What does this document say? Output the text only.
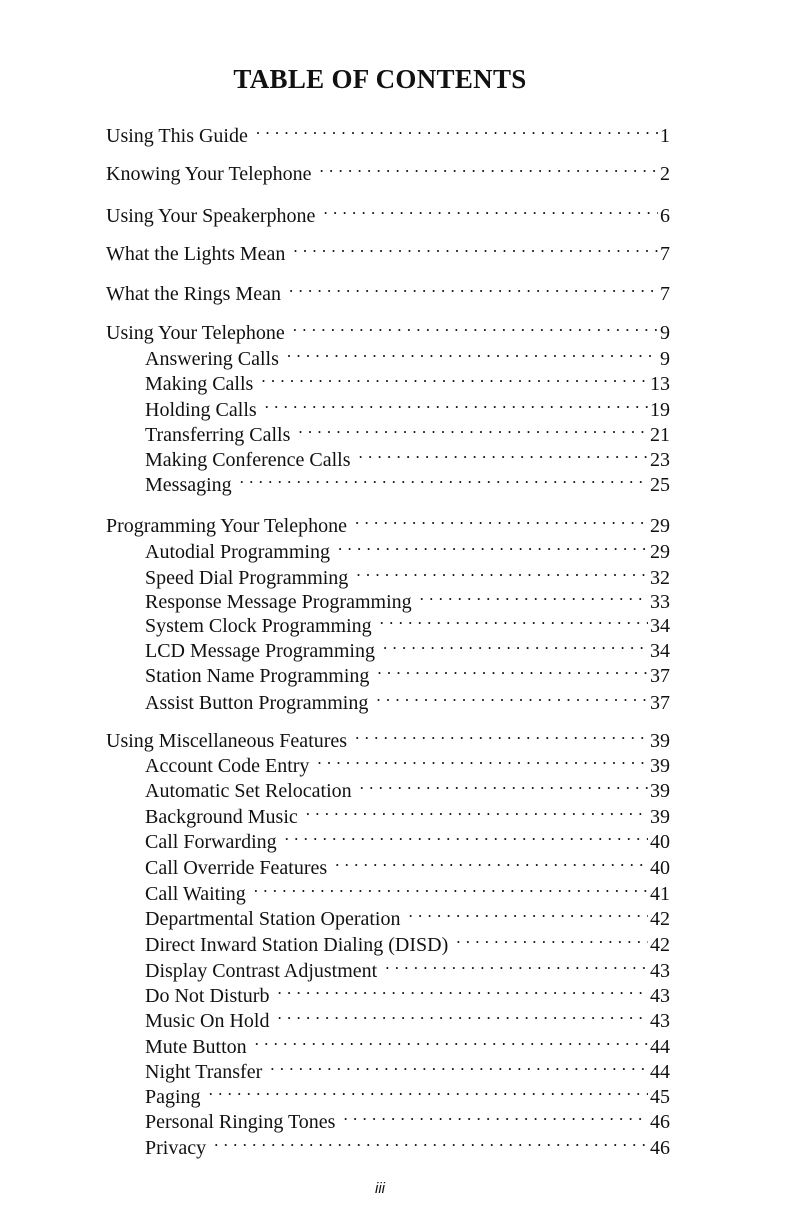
TABLE OF CONTENTS
Using This Guide . . .	1
Knowing Your Telephone . . .	2
Using Your Speakerphone . . .	6
What the Lights Mean . . .	7
What the Rings Mean . . .	7
Using Your Telephone . . .	9
Answering Calls . . .	9
Making Calls . . .	13
Holding Calls . . .	19
Transferring Calls . . .	21
Making Conference Calls . . .	23
Messaging . . .	25
Programming Your Telephone . . .	29
Autodial Programming . . .	29
Speed Dial Programming . . .	32
Response Message Programming . . .	33
System Clock Programming . . .	34
LCD Message Programming . . .	34
Station Name Programming . . .	37
Assist Button Programming . . .	37
Using Miscellaneous Features . . .	39
Account Code Entry . . .	39
Automatic Set Relocation . . .	39
Background Music . . .	39
Call Forwarding . . .	40
Call Override Features . . .	40
Call Waiting . . .	41
Departmental Station Operation . . .	42
Direct Inward Station Dialing (DISD) . . .	42
Display Contrast Adjustment . . .	43
Do Not Disturb . . .	43
Music On Hold . . .	43
Mute Button . . .	44
Night Transfer . . .	44
Paging . . .	45
Personal Ringing Tones . . .	46
Privacy . . .	46
iii
